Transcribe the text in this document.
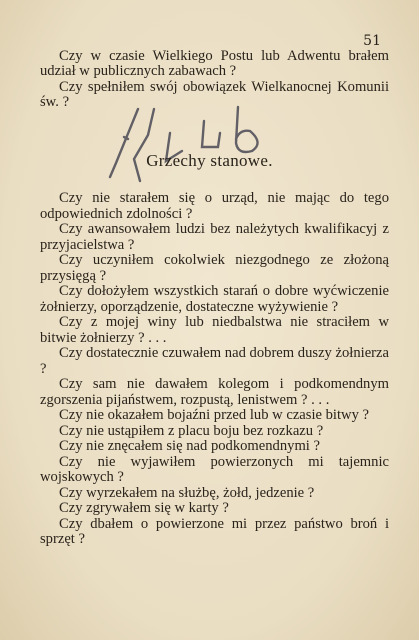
51

Czy w czasie Wielkiego Postu lub Adwentu brałem udział w publicznych zabawach ?

Czy spełniłem swój obowiązek Wielkanocnej Komunii św. ?

Grzechy stanowe.

Czy nie starałem się o urząd, nie mając do tego odpowiednich zdolności ?

Czy awansowałem ludzi bez należytych kwalifikacyj z przyjacielstwa ?

Czy uczyniłem cokolwiek niezgodnego ze złożoną przysięgą ?

Czy dołożyłem wszystkich starań o dobre wyćwiczenie żołnierzy, oporządzenie, dostateczne wyżywienie ?

Czy z mojej winy lub niedbalstwa nie straciłem w bitwie żołnierzy ? . . .

Czy dostatecznie czuwałem nad dobrem duszy żołnierza ?

Czy sam nie dawałem kolegom i podkomendnym zgorszenia pijaństwem, rozpustą, lenistwem ? . . .

Czy nie okazałem bojaźni przed lub w czasie bitwy ?

Czy nie ustąpiłem z placu boju bez rozkazu ?

Czy nie znęcałem się nad podkomendnymi ?

Czy nie wyjawiłem powierzonych mi tajemnic wojskowych ?

Czy wyrzekałem na służbę, żołd, jedzenie ?

Czy zgrywałem się w karty ?

Czy dbałem o powierzone mi przez państwo broń i sprzęt ?
